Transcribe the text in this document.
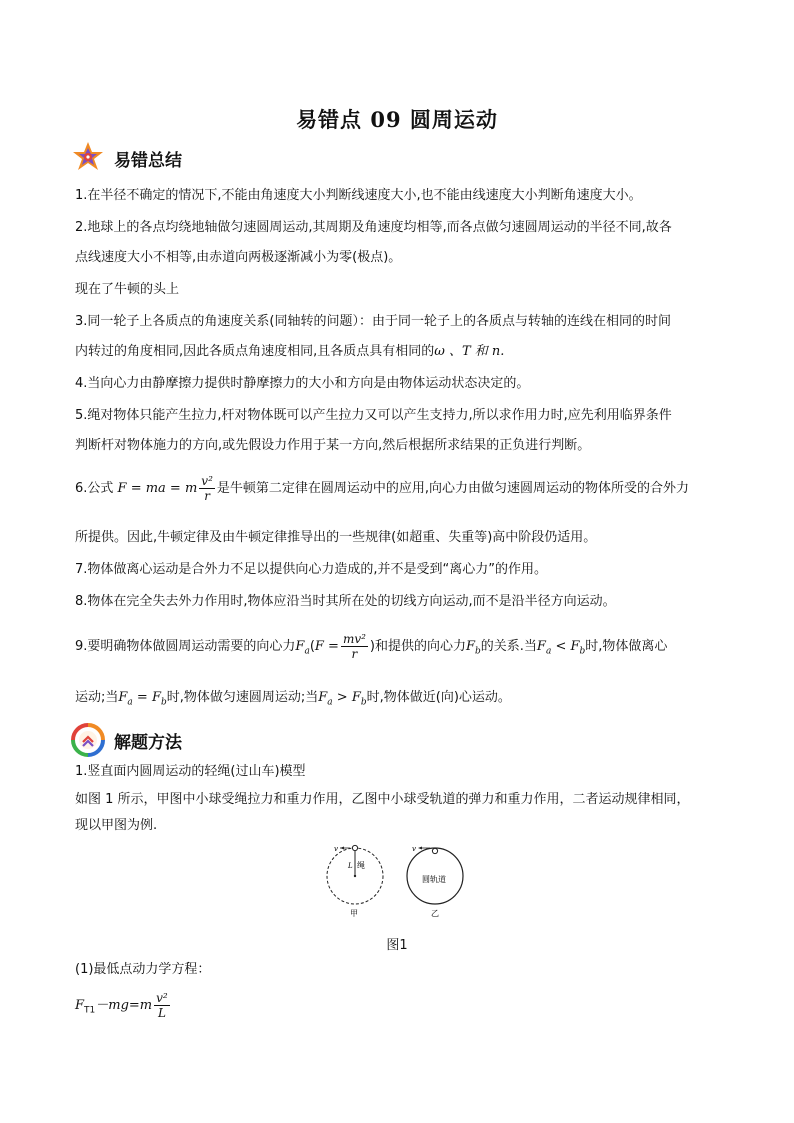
易错点 09 圆周运动
易错总结
1.在半径不确定的情况下,不能由角速度大小判断线速度大小,也不能由线速度大小判断角速度大小。
2.地球上的各点均绕地轴做匀速圆周运动,其周期及角速度均相等,而各点做匀速圆周运动的半径不同,故各
点线速度大小不相等,由赤道向两极逐渐减小为零(极点)。
现在了牛顿的头上
3.同一轮子上各质点的角速度关系(同轴转的问题）：由于同一轮子上的各质点与转轴的连线在相同的时间
内转过的角度相同,因此各质点角速度相同,且各质点具有相同的ω 、T 和 n.
4.当向心力由静摩擦力提供时静摩擦力的大小和方向是由物体运动状态决定的。
5.绳对物体只能产生拉力,杆对物体既可以产生拉力又可以产生支持力,所以求作用力时,应先利用临界条件
判断杆对物体施力的方向,或先假设力作用于某一方向,然后根据所求结果的正负进行判断。
6.公式 F = ma = m $\frac{\text{v²}}{r}$ 是牛顿第二定律在圆周运动中的应用,向心力由做匀速圆周运动的物体所受的合外力
所提供。因此,牛顿定律及由牛顿定律推导出的一些规律(如超重、失重等)高中阶段仍适用。
7.物体做离心运动是合外力不足以提供向心力造成的,并不是受到“离心力”的作用。
8.物体在完全失去外力作用时,物体应沿当时其所在处的切线方向运动,而不是沿半径方向运动。
9.要明确物体做圆周运动需要的向心力$F_a(F = \frac{\text{mv²}}{r}$ )和提供的向心力$F_b$的关系.当$F_a < F_b$时,物体做离心
运动;当$F_a = F_b$时,物体做匀速圆周运动;当$F_a > F_b$时,物体做近(向)心运动。
解题方法
1.竖直面内圆周运动的轻绳(过山车)模型
如图 1 所示，甲图中小球受绳拉力和重力作用，乙图中小球受轨道的弹力和重力作用，二者运动规律相同，
现以甲图为例.
v
L 绳
甲
v
圆轨道
乙
图1
(1)最低点动力学方程：
$F_{T1}-mg=m \frac{\text{v²}}{L}$
